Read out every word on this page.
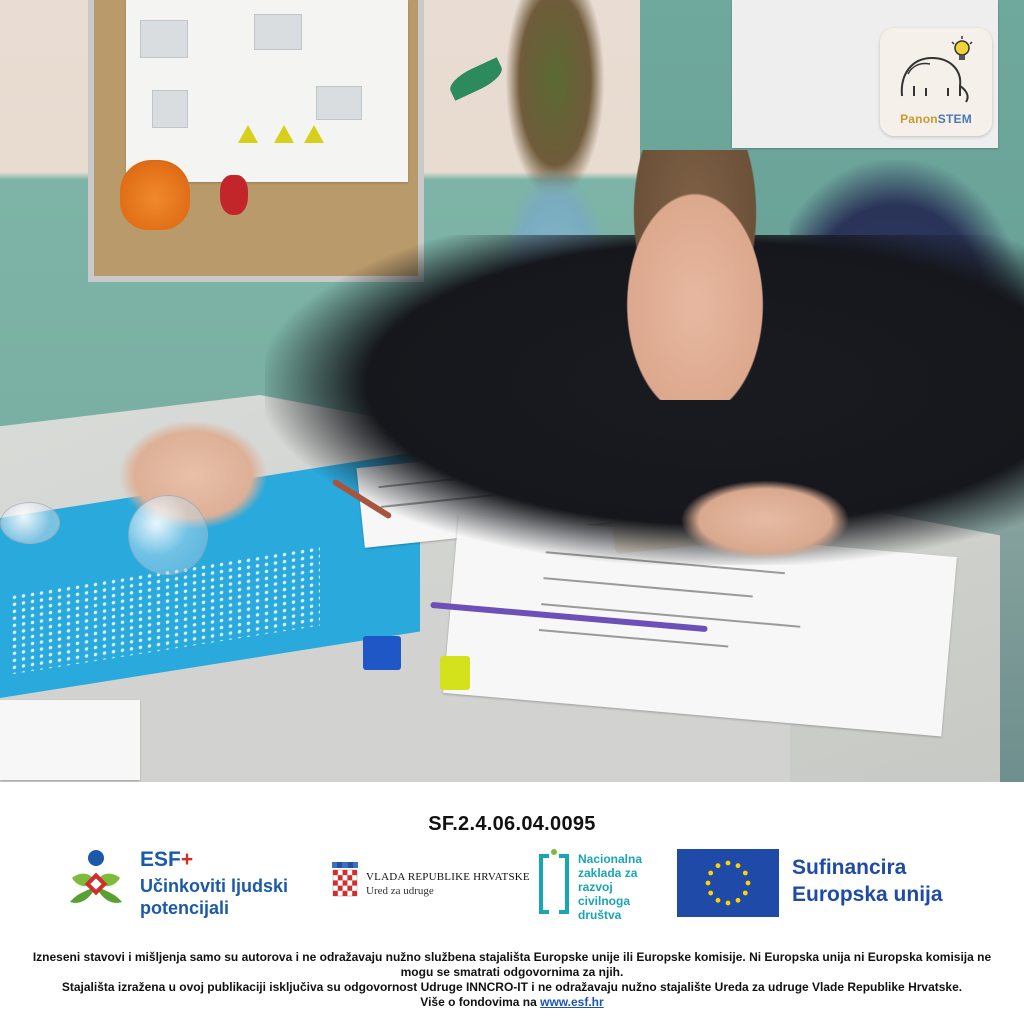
PanonSTEM
SF.2.4.06.04.0095
ESF+
Učinkoviti ljudski potencijali
VLADA REPUBLIKE HRVATSKE
Ured za udruge
Nacionalna
zaklada za
razvoj
civilnoga
društva
Sufinancira
Europska unija

Izneseni stavovi i mišljenja samo su autorova i ne odražavaju nužno službena stajališta Europske unije ili Europske komisije. Ni Europska unija ni Europska komisija ne mogu se smatrati odgovornima za njih.

Stajališta izražena u ovoj publikaciji isključiva su odgovornost Udruge INNCRO-IT i ne odražavaju nužno stajalište Ureda za udruge Vlade Republike Hrvatske.

Više o fondovima na www.esf.hr
